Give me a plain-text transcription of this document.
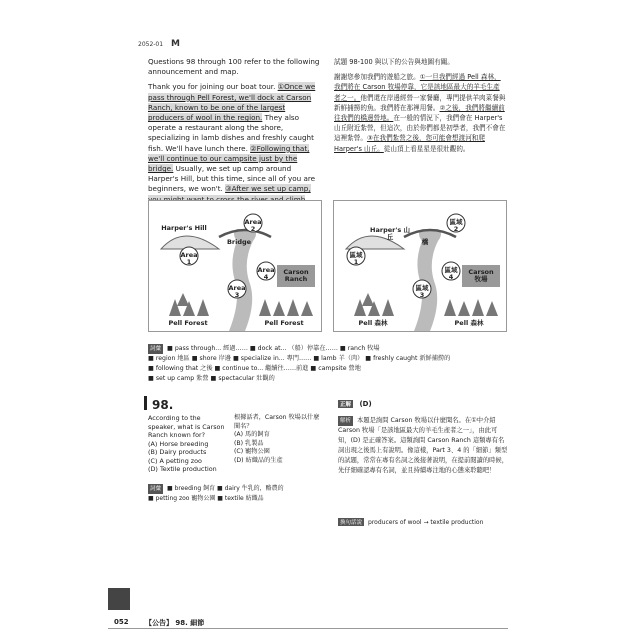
2052-01 M
Questions 98 through 100 refer to the following announcement and map.
Thank you for joining our boat tour. ①Once we pass through Pell Forest, we'll dock at Carson Ranch, known to be one of the largest producers of wool in the region. They also operate a restaurant along the shore, specializing in lamb dishes and freshly caught fish. We'll have lunch there. ②Following that, we'll continue to our campsite just by the bridge. Usually, we set up camp around Harper's Hill, but this time, since all of you are beginners, we won't. ③After we set up camp,
試題 98-100 與以下的公告與地圖有關。
謝謝您參加我們的遊船之旅。①一旦我們經過 Pell 森林，我們將在 Carson 牧場停靠，它是該地區最大的羊毛生產者之一。他們還在岸邊經營一家餐廳，專門提供羊肉菜餐與新鮮捕撈的魚。我們將在那裡用餐。②之後，我們將繼續前往我們的橋邊營地。在一般的情況下，我們會在 Harper's 山丘附近紮營，但這次，由於你們都是初學者，我們不會在這裡紮營。③在我們紮營之後，您可能會想渡河和爬 Harper's 山丘。從山頂上看星星是很壯觀的。
Harper's Hill
Area 1
Area 2
Area 3
Area 4
Bridge
Carson Ranch
Pell Forest	Pell Forest
Harper's 山丘
區域 1
區域 2
區域 3
區域 4
橋
Carson 牧場
Pell 森林	Pell 森林
詞彙 ■ pass through... 經過…… ■ dock at... （船）停靠在…… ■ ranch 牧場
■ region 地區 ■ shore 岸邊 ■ specialize in... 專門…… ■ lamb 羊（肉） ■ freshly caught 新鮮捕撈的
■ following that 之後 ■ continue to... 繼續往……前進 ■ campsite 營地
■ set up camp 紮營 ■ spectacular 壯觀的
98.
According to the speaker, what is Carson Ranch known for?
(A) Horse breeding
(B) Dairy products
(C) A petting zoo
(D) Textile production
根據話者，Carson 牧場以什麼聞名？
(A) 馬的飼育
(B) 乳製品
(C) 寵物公園
(D) 紡織品的生產
詞彙 ■ breeding 飼育 ■ dairy 牛乳的，酪農的
■ petting zoo 寵物公園 ■ textile 紡織品
正解 (D)
解析 本題是詢問 Carson 牧場以什麼聞名。在①中介紹 Carson 牧場「是該地區最大的羊毛生產者之一」，由此可知，(D) 是正確答案。這類詢問 Carson Ranch 這類專有名詞出現之後馬上有說明。像這樣，Part 3、4 的「細節」類型的試題，常常在專有名詞之後接著說明，在提前閱讀的時候，先仔細確認專有名詞，並且持續專注地的心態來聆聽吧！
換句話說 producers of wool → textile production
052 【公告】 98. 細節
